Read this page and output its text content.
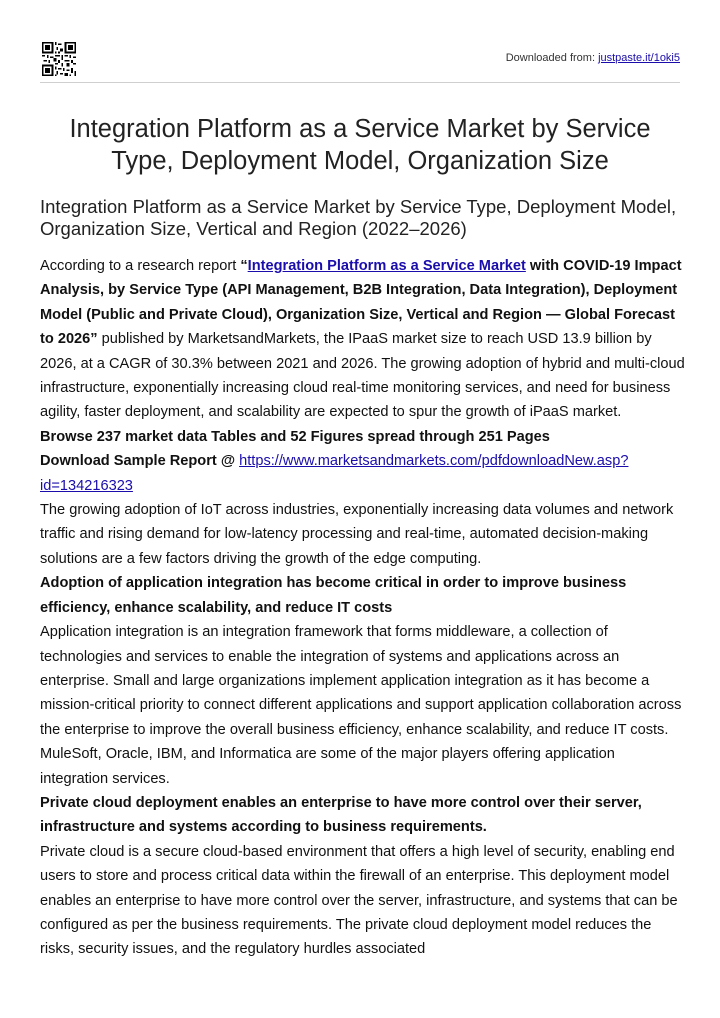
Downloaded from: justpaste.it/1oki5
Integration Platform as a Service Market by Service Type, Deployment Model, Organization Size
Integration Platform as a Service Market by Service Type, Deployment Model, Organization Size, Vertical and Region (2022–2026)

According to a research report “Integration Platform as a Service Market with COVID-19 Impact Analysis, by Service Type (API Management, B2B Integration, Data Integration), Deployment Model (Public and Private Cloud), Organization Size, Vertical and Region — Global Forecast to 2026” published by MarketsandMarkets, the IPaaS market size to reach USD 13.9 billion by 2026, at a CAGR of 30.3% between 2021 and 2026. The growing adoption of hybrid and multi-cloud infrastructure, exponentially increasing cloud real-time monitoring services, and need for business agility, faster deployment, and scalability are expected to spur the growth of iPaaS market.

Browse 237 market data Tables and 52 Figures spread through 251 Pages

Download Sample Report @ https://www.marketsandmarkets.com/pdfdownloadNew.asp?id=134216323

The growing adoption of IoT across industries, exponentially increasing data volumes and network traffic and rising demand for low-latency processing and real-time, automated decision-making solutions are a few factors driving the growth of the edge computing.

Adoption of application integration has become critical in order to improve business efficiency, enhance scalability, and reduce IT costs

Application integration is an integration framework that forms middleware, a collection of technologies and services to enable the integration of systems and applications across an enterprise. Small and large organizations implement application integration as it has become a mission-critical priority to connect different applications and support application collaboration across the enterprise to improve the overall business efficiency, enhance scalability, and reduce IT costs. MuleSoft, Oracle, IBM, and Informatica are some of the major players offering application integration services.

Private cloud deployment enables an enterprise to have more control over their server, infrastructure and systems according to business requirements.

Private cloud is a secure cloud-based environment that offers a high level of security, enabling end users to store and process critical data within the firewall of an enterprise. This deployment model enables an enterprise to have more control over the server, infrastructure, and systems that can be configured as per the business requirements. The private cloud deployment model reduces the risks, security issues, and the regulatory hurdles associated
